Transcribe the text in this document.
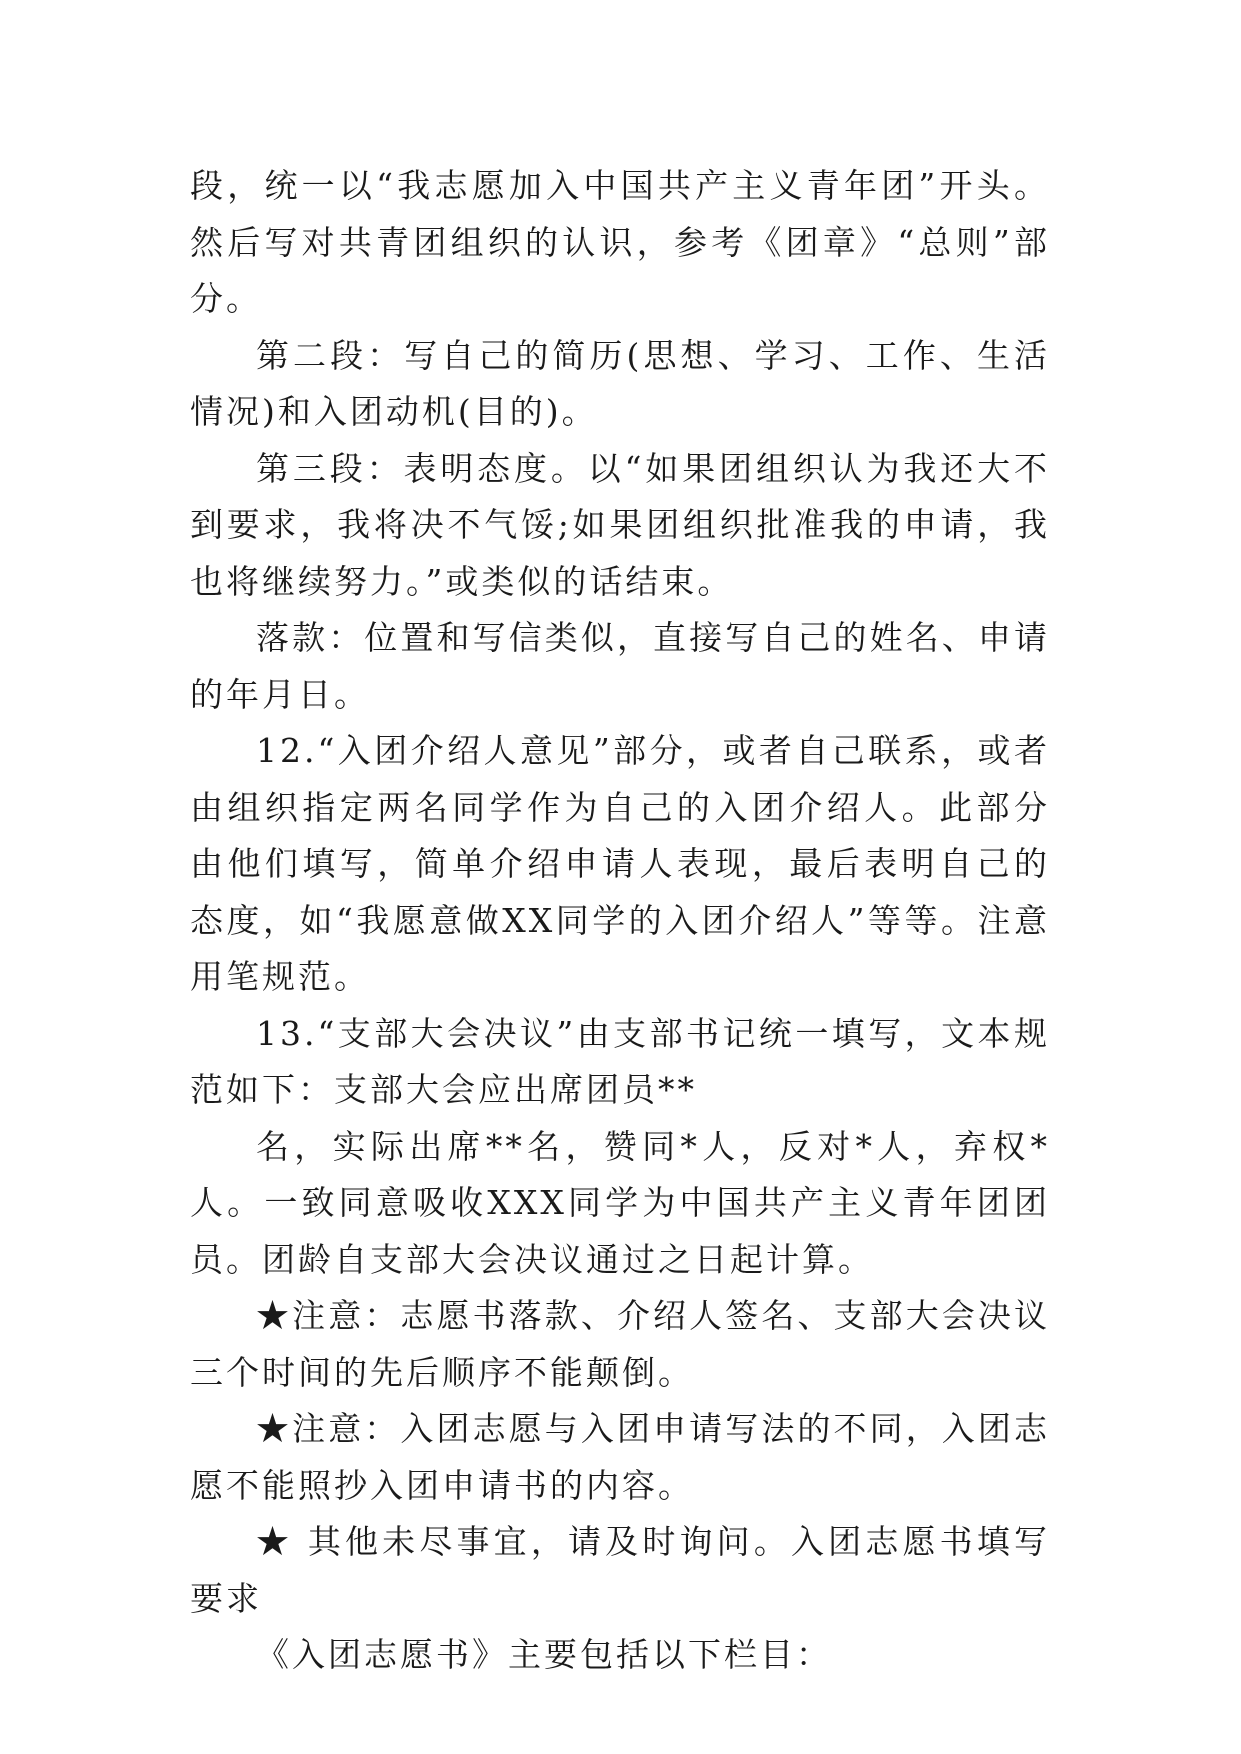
段，统一以“我志愿加入中国共产主义青年团”开头。然后写对共青团组织的认识，参考《团章》“总则”部分。

第二段：写自己的简历(思想、学习、工作、生活情况)和入团动机(目的)。

第三段：表明态度。以“如果团组织认为我还大不到要求，我将决不气馁;如果团组织批准我的申请，我也将继续努力。”或类似的话结束。

落款：位置和写信类似，直接写自己的姓名、申请的年月日。

12.“入团介绍人意见”部分，或者自己联系，或者由组织指定两名同学作为自己的入团介绍人。此部分由他们填写，简单介绍申请人表现，最后表明自己的态度，如“我愿意做XX同学的入团介绍人”等等。注意用笔规范。

13.“支部大会决议”由支部书记统一填写，文本规范如下：支部大会应出席团员**

名，实际出席**名，赞同*人，反对*人，弃权*人。一致同意吸收XXX同学为中国共产主义青年团团员。团龄自支部大会决议通过之日起计算。

★注意：志愿书落款、介绍人签名、支部大会决议三个时间的先后顺序不能颠倒。

★注意：入团志愿与入团申请写法的不同，入团志愿不能照抄入团申请书的内容。

★ 其他未尽事宜，请及时询问。入团志愿书填写要求

《入团志愿书》主要包括以下栏目：
